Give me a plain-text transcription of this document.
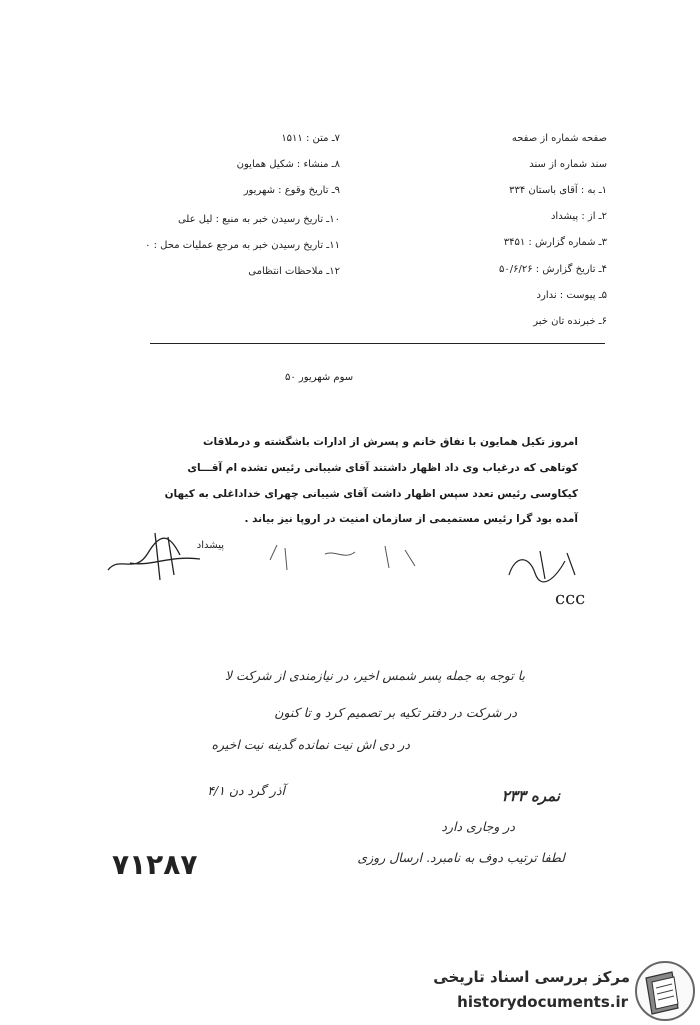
صفحه شماره از صفحه
سند شماره از سند
۱ـ به : آقای باستان ۳۳۴
۲ـ از : پیشداد
۳ـ شماره گزارش : ۳۴۵۱
۴ـ تاریخ گزارش : ۵۰/۶/۲۶
۵ـ پیوست : ندارد
۶ـ خبرنده تان خبر
۷ـ متن : ۱۵۱۱
۸ـ منشاء : شکیل همایون
۹ـ تاریخ وقوع : شهریور
۱۰ـ تاریخ رسیدن خبر به منبع : لیل علی
۱۱ـ تاریخ رسیدن خبر به مرجع عملیات محل : ۰
۱۲ـ ملاحظات انتظامی
سوم شهریور ۵۰
امروز تکیل همایون با تفاق خانم و پسرش از ادارات باشگشته و درملاقات
کوتاهی که درغیاب وی داد اظهار داشتند آقای شیبانی رئیس تشده ام آقـــای
کیکاوسی رئیس تعدد سپس اظهار داشت آقای شیبانی چهرای خداداغلی به کیهان
آمده بود گرا رئیس مستمیمی از سازمان امنیت در اروپا نیز بیاند .
پیشداد
ccc
با توجه به جمله پسر شمس اخیر، در نیازمندی از شرکت لا
در شرکت در دفتر تکیه بر تصمیم کرد و تا کنون
در دی اش نیت نمانده گدینه نیت اخیره
آذر گرد دن ۴/۱	نمره ۲۳۳
در وجاری دارد
لطفا ترتیب دوف به نامبرد. ارسال روزی
۷۱۲۸۷
مرکز بررسی اسناد تاریخی
historydocuments.ir
